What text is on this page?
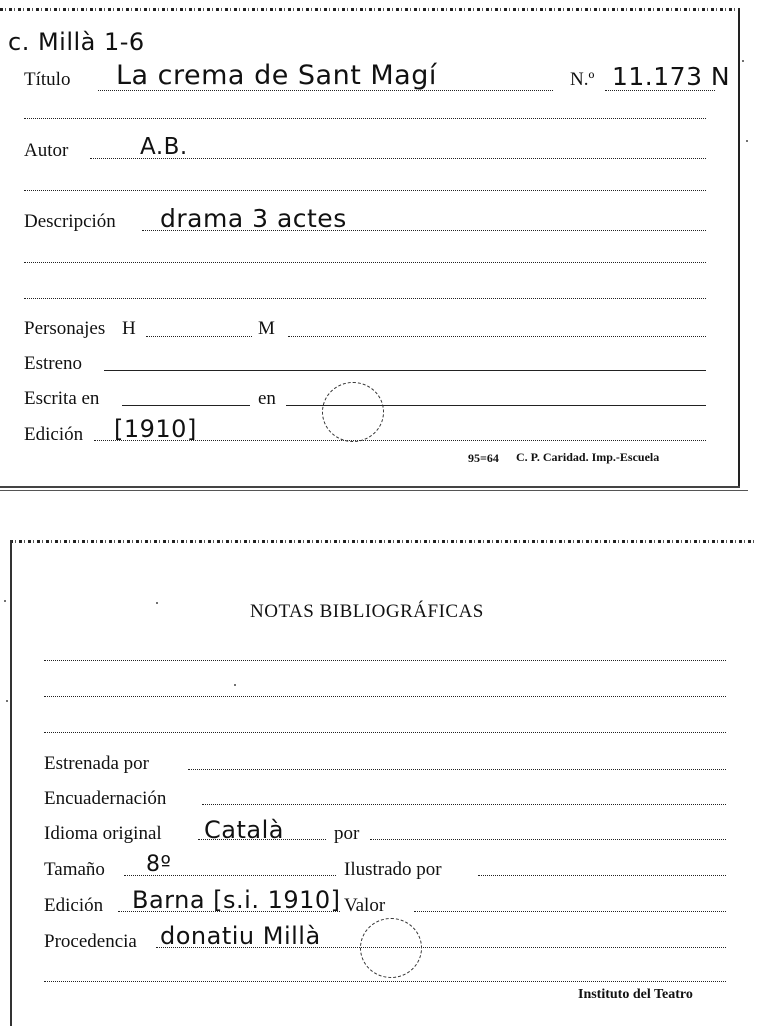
c. Millà 1-6
Título La crema de Sant Magí	N.º 11.173 N
Autor	A.B.
Descripción drama 3 actes
Personajes H	M
Estreno
Escrita en	en
Edición [1910]
95=64 C. P. Caridad. Imp.-Escuela
NOTAS BIBLIOGRÁFICAS
Estrenada por
Encuadernación
Idioma original Català	por
Tamaño 8º	Ilustrado por
Edición Barna [s.i. 1910] Valor
Procedencia donatiu Millà
Instituto del Teatro
